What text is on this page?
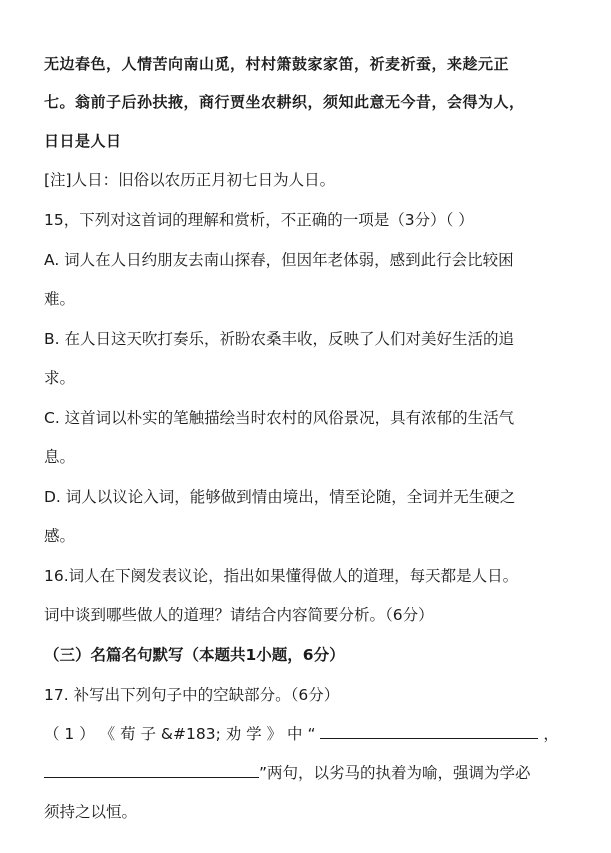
无边春色，人情苦向南山觅，村村箫鼓家家笛，祈麦祈蚕，来趁元正
七。翁前子后孙扶掖，商行贾坐农耕织，须知此意无今昔，会得为人，
日日是人日
[注]人日：旧俗以农历正月初七日为人日。
15，下列对这首词的理解和赏析，不正确的一项是（3分）（ ）
A. 词人在人日约朋友去南山探春，但因年老体弱，感到此行会比较困
难。
B. 在人日这天吹打奏乐，祈盼农桑丰收，反映了人们对美好生活的追
求。
C. 这首词以朴实的笔触描绘当时农村的风俗景况，具有浓郁的生活气
息。
D. 词人以议论入词，能够做到情由境出，情至论随，全词并无生硬之
感。
16.词人在下阕发表议论，指出如果懂得做人的道理，每天都是人日。
词中谈到哪些做人的道理？请结合内容简要分析。（6分）
（三）名篇名句默写（本题共1小题，6分）
17. 补写出下列句子中的空缺部分。（6分）
（ 1 ） 《 荀 子 &#183; 劝 学 》 中 “	，
”两句，以劣马的执着为喻，强调为学必
须持之以恒。
